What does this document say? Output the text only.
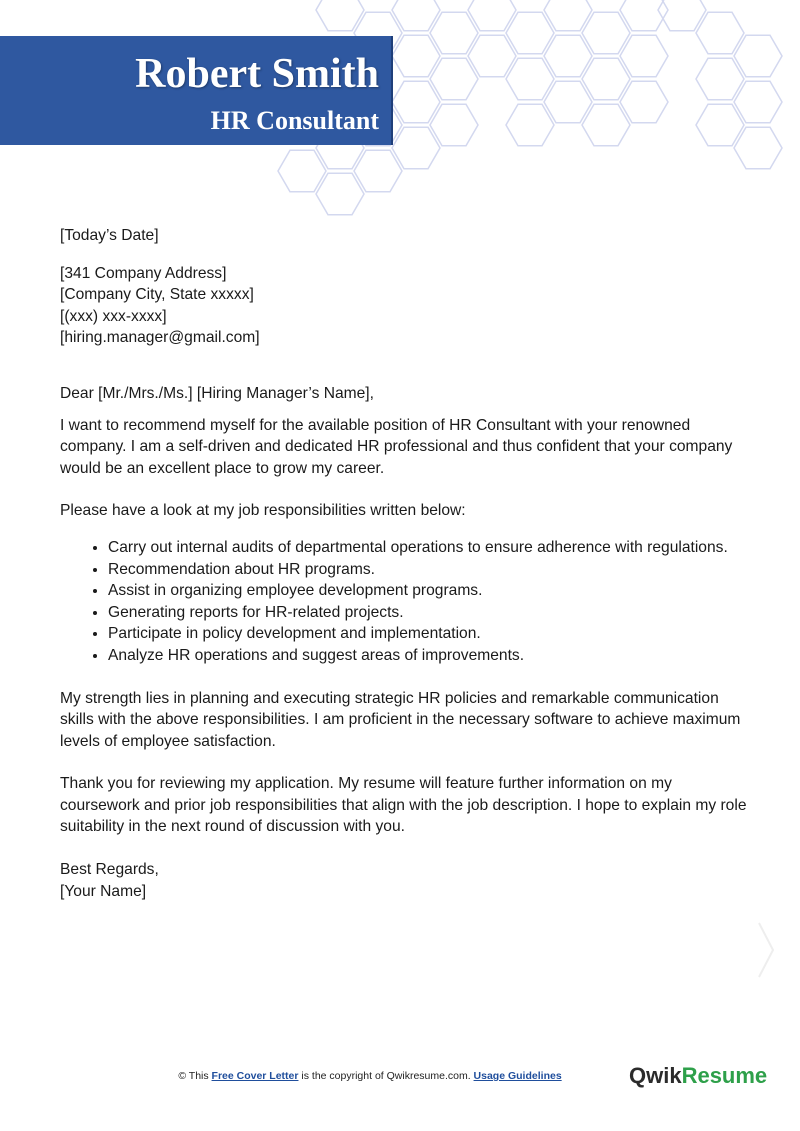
Robert Smith
HR Consultant

[Today’s Date]

[341 Company Address]

[Company City, State xxxxx]

[(xxx) xxx-xxxx]

[hiring.manager@gmail.com]

Dear [Mr./Mrs./Ms.] [Hiring Manager’s Name],

I want to recommend myself for the available position of HR Consultant with your renowned company. I am a self-driven and dedicated HR professional and thus confident that your company would be an excellent place to grow my career.

Please have a look at my job responsibilities written below:

• Carry out internal audits of departmental operations to ensure adherence with regulations.
• Recommendation about HR programs.
• Assist in organizing employee development programs.
• Generating reports for HR-related projects.
• Participate in policy development and implementation.
• Analyze HR operations and suggest areas of improvements.

My strength lies in planning and executing strategic HR policies and remarkable communication skills with the above responsibilities. I am proficient in the necessary software to achieve maximum levels of employee satisfaction.

Thank you for reviewing my application. My resume will feature further information on my coursework and prior job responsibilities that align with the job description. I hope to explain my role suitability in the next round of discussion with you.

Best Regards,

[Your Name]

© This Free Cover Letter is the copyright of Qwikresume.com. Usage Guidelines	QwikResume
